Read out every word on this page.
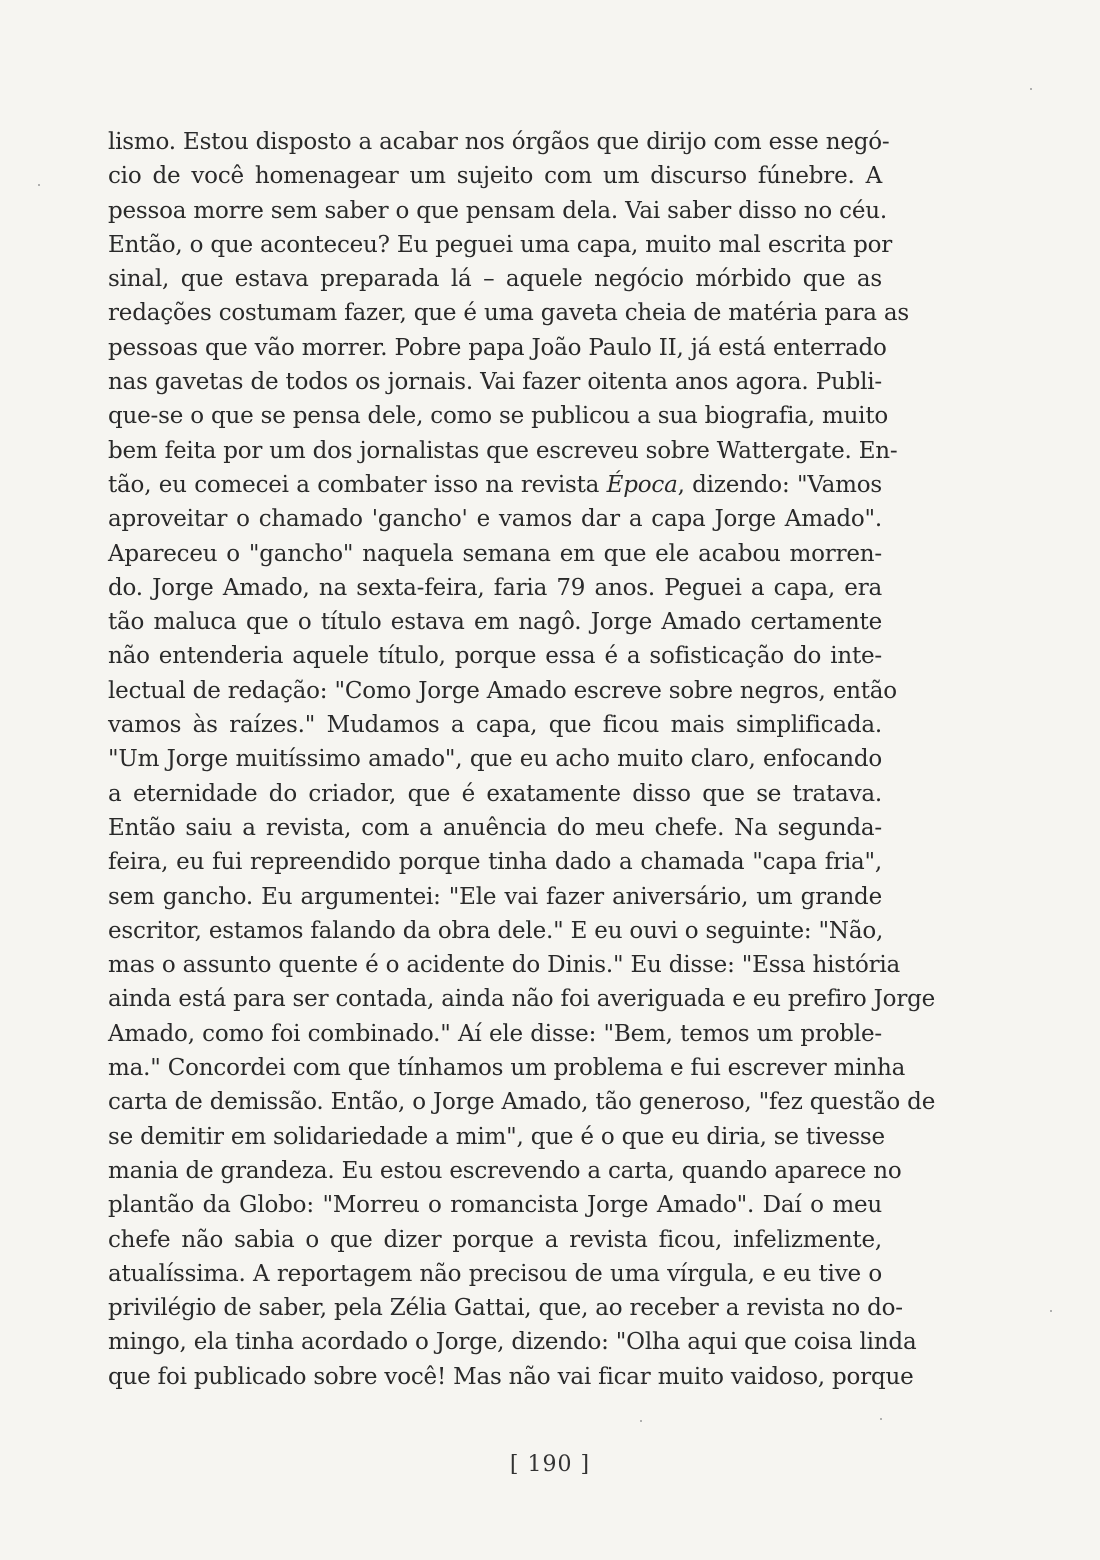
lismo. Estou disposto a acabar nos órgãos que dirijo com esse negó-
cio de você homenagear um sujeito com um discurso fúnebre. A
pessoa morre sem saber o que pensam dela. Vai saber disso no céu.
Então, o que aconteceu? Eu peguei uma capa, muito mal escrita por
sinal, que estava preparada lá – aquele negócio mórbido que as
redações costumam fazer, que é uma gaveta cheia de matéria para as
pessoas que vão morrer. Pobre papa João Paulo II, já está enterrado
nas gavetas de todos os jornais. Vai fazer oitenta anos agora. Publi-
que-se o que se pensa dele, como se publicou a sua biografia, muito
bem feita por um dos jornalistas que escreveu sobre Wattergate. En-
tão, eu comecei a combater isso na revista Época, dizendo: "Vamos
aproveitar o chamado 'gancho' e vamos dar a capa Jorge Amado".
Apareceu o "gancho" naquela semana em que ele acabou morren-
do. Jorge Amado, na sexta-feira, faria 79 anos. Peguei a capa, era
tão maluca que o título estava em nagô. Jorge Amado certamente
não entenderia aquele título, porque essa é a sofisticação do inte-
lectual de redação: "Como Jorge Amado escreve sobre negros, então
vamos às raízes." Mudamos a capa, que ficou mais simplificada.
"Um Jorge muitíssimo amado", que eu acho muito claro, enfocando
a eternidade do criador, que é exatamente disso que se tratava.
Então saiu a revista, com a anuência do meu chefe. Na segunda-
feira, eu fui repreendido porque tinha dado a chamada "capa fria",
sem gancho. Eu argumentei: "Ele vai fazer aniversário, um grande
escritor, estamos falando da obra dele." E eu ouvi o seguinte: "Não,
mas o assunto quente é o acidente do Dinis." Eu disse: "Essa história
ainda está para ser contada, ainda não foi averiguada e eu prefiro Jorge
Amado, como foi combinado." Aí ele disse: "Bem, temos um proble-
ma." Concordei com que tínhamos um problema e fui escrever minha
carta de demissão. Então, o Jorge Amado, tão generoso, "fez questão de
se demitir em solidariedade a mim", que é o que eu diria, se tivesse
mania de grandeza. Eu estou escrevendo a carta, quando aparece no
plantão da Globo: "Morreu o romancista Jorge Amado". Daí o meu
chefe não sabia o que dizer porque a revista ficou, infelizmente,
atualíssima. A reportagem não precisou de uma vírgula, e eu tive o
privilégio de saber, pela Zélia Gattai, que, ao receber a revista no do-
mingo, ela tinha acordado o Jorge, dizendo: "Olha aqui que coisa linda
que foi publicado sobre você! Mas não vai ficar muito vaidoso, porque
[ 190 ]
